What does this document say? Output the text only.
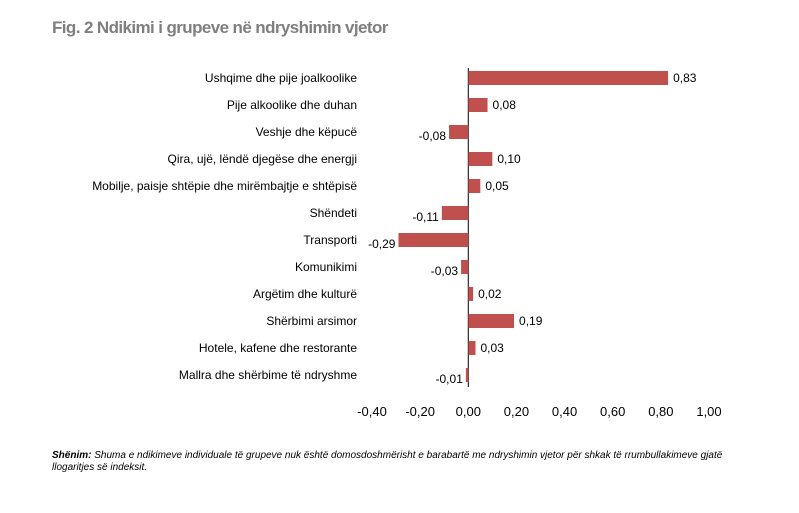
Fig. 2 Ndikimi i grupeve në ndryshimin vjetor
Ushqime dhe pije joalkoolike	0,83
Pije alkoolike dhe duhan	0,08
Veshje dhe këpucë	-0,08
Qira, ujë, lëndë djegëse dhe energji	0,10
Mobilje, paisje shtëpie dhe mirëmbajtje e shtëpisë	0,05
Shëndeti	-0,11
Transporti -0,29
Komunikimi	-0,03
Argëtim dhe kulturë	0,02
Shërbimi arsimor	0,19
Hotele, kafene dhe restorante	0,03
Mallra dhe shërbime të ndryshme	-0,01
-0,40 -0,20 0,00 0,20 0,40 0,60 0,80 1,00
Shënim: Shuma e ndikimeve individuale të grupeve nuk është domosdoshmërisht e barabartë me ndryshimin vjetor për shkak të rrumbullakimeve gjatë llogaritjes së indeksit.
